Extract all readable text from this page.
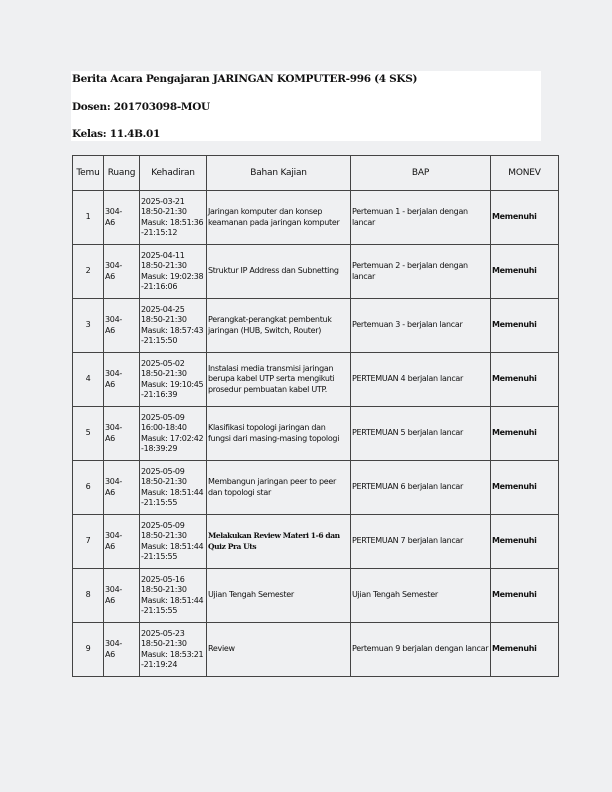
Berita Acara Pengajaran JARINGAN KOMPUTER-996 (4 SKS)
Dosen: 201703098-MOU
Kelas: 11.4B.01
Temu	Ruang	Kehadiran	Bahan Kajian	BAP	MONEV
1	304-
A6	2025-03-21
18:50-21:30
Masuk: 18:51:36
-21:15:12	Jaringan komputer dan konsep keamanan pada jaringan komputer	Pertemuan 1 - berjalan dengan lancar	Memenuhi
2	304-
A6	2025-04-11
18:50-21:30
Masuk: 19:02:38
-21:16:06	Struktur IP Address dan Subnetting	Pertemuan 2 - berjalan dengan lancar	Memenuhi
3	304-
A6	2025-04-25
18:50-21:30
Masuk: 18:57:43
-21:15:50	Perangkat-perangkat pembentuk jaringan (HUB, Switch, Router)	Pertemuan 3 - berjalan lancar	Memenuhi
4	304-
A6	2025-05-02
18:50-21:30
Masuk: 19:10:45
-21:16:39	Instalasi media transmisi jaringan berupa kabel UTP serta mengikuti prosedur pembuatan kabel UTP.	PERTEMUAN 4 berjalan lancar	Memenuhi
5	304-
A6	2025-05-09
16:00-18:40
Masuk: 17:02:42
-18:39:29	Klasifikasi topologi jaringan dan fungsi dari masing-masing topologi	PERTEMUAN 5 berjalan lancar	Memenuhi
6	304-
A6	2025-05-09
18:50-21:30
Masuk: 18:51:44
-21:15:55	Membangun jaringan peer to peer dan topologi star	PERTEMUAN 6 berjalan lancar	Memenuhi
7	304-
A6	2025-05-09
18:50-21:30
Masuk: 18:51:44
-21:15:55	Melakukan Review Materi 1-6 dan Quiz Pra Uts	PERTEMUAN 7 berjalan lancar	Memenuhi
8	304-
A6	2025-05-16
18:50-21:30
Masuk: 18:51:44
-21:15:55	Ujian Tengah Semester	Ujian Tengah Semester	Memenuhi
9	304-
A6	2025-05-23
18:50-21:30
Masuk: 18:53:21
-21:19:24	Review	Pertemuan 9 berjalan dengan lancar	Memenuhi
